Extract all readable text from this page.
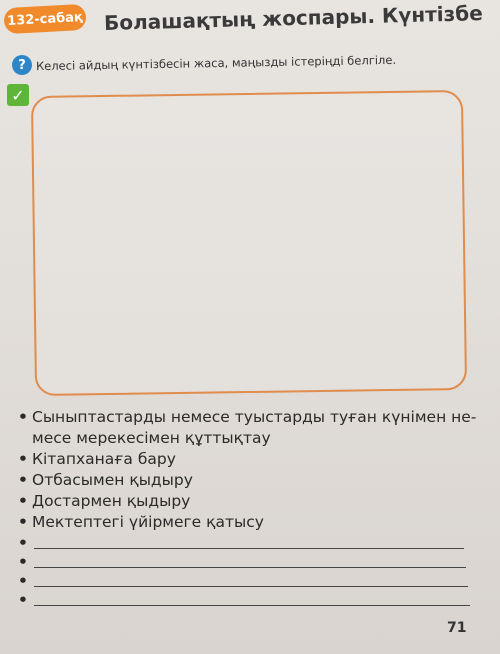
132-сабақ Болашақтың жоспары. Күнтізбе
? Келесі айдың күнтізбесін жаса, маңызды істеріңді белгіле.
✓
• Сыныптастарды немесе туыстарды туған күнімен не-
месе мерекесімен құттықтау
• Кітапханаға бару
• Отбасымен қыдыру
• Достармен қыдыру
• Мектептегі үйірмеге қатысу
•
•
•
•
71
